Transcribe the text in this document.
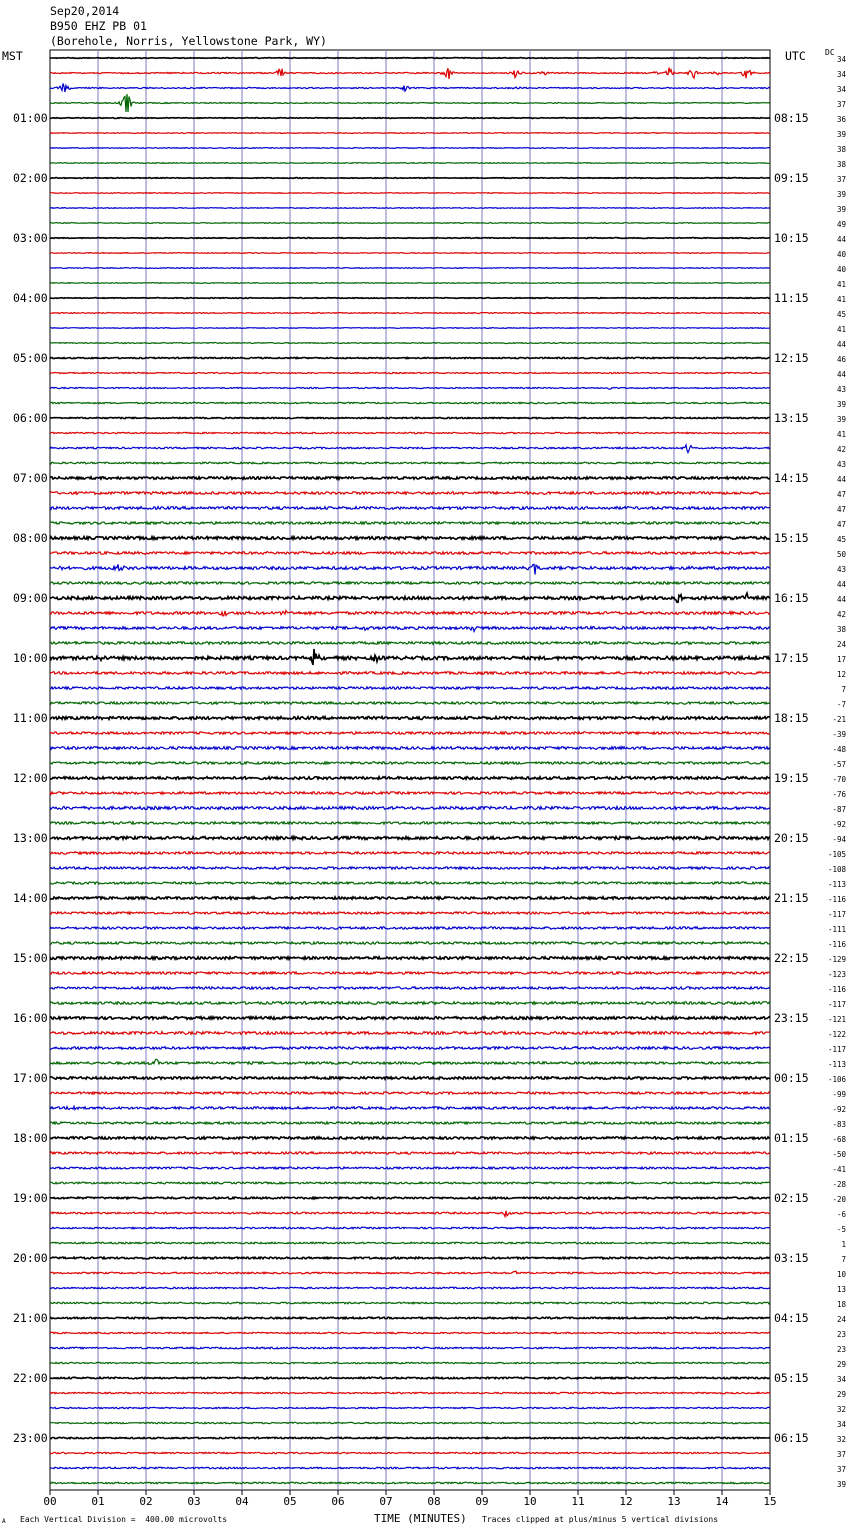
Sep20,2014
B950 EHZ PB 01
(Borehole, Norris, Yellowstone Park, WY)
MST	UTC DC
00	01	02	03	04	05	06	07	08	09	10	11	12	13	14	15
34
34
34
37
36
39
38
38
37
39
39
49
44
40
40
41
41
45
41
44
46
44
43
39
39
41
42
43
44
47
47
47
45
50
43
44
44
42
38
24
17
12
7
-7
-21
-39
-48
-57
-70
-76
-87
-92
-94
-105
-108
-113
-116
-117
-111
-116
-129
-123
-116
-117
-121
-122
-117
-113
-106
-99
-92
-83
-68
-50
-41
-28
-20
-6
-5
1
7
10
13
18
24
23
23
29
34
29
32
34
32
37
37
39
01:00	08:15
02:00	09:15
03:00	10:15
04:00	11:15
05:00	12:15
06:00	13:15
07:00	14:15
08:00	15:15
09:00	16:15
10:00	17:15
11:00	18:15
12:00	19:15
13:00	20:15
14:00	21:15
15:00	22:15
16:00	23:15
17:00	00:15
18:00	01:15
19:00	02:15
20:00	03:15
21:00	04:15
22:00	05:15
23:00	06:15
Each Vertical Division =  400.00 microvolts	TIME (MINUTES) Traces clipped at plus/minus 5 vertical divisions
A
